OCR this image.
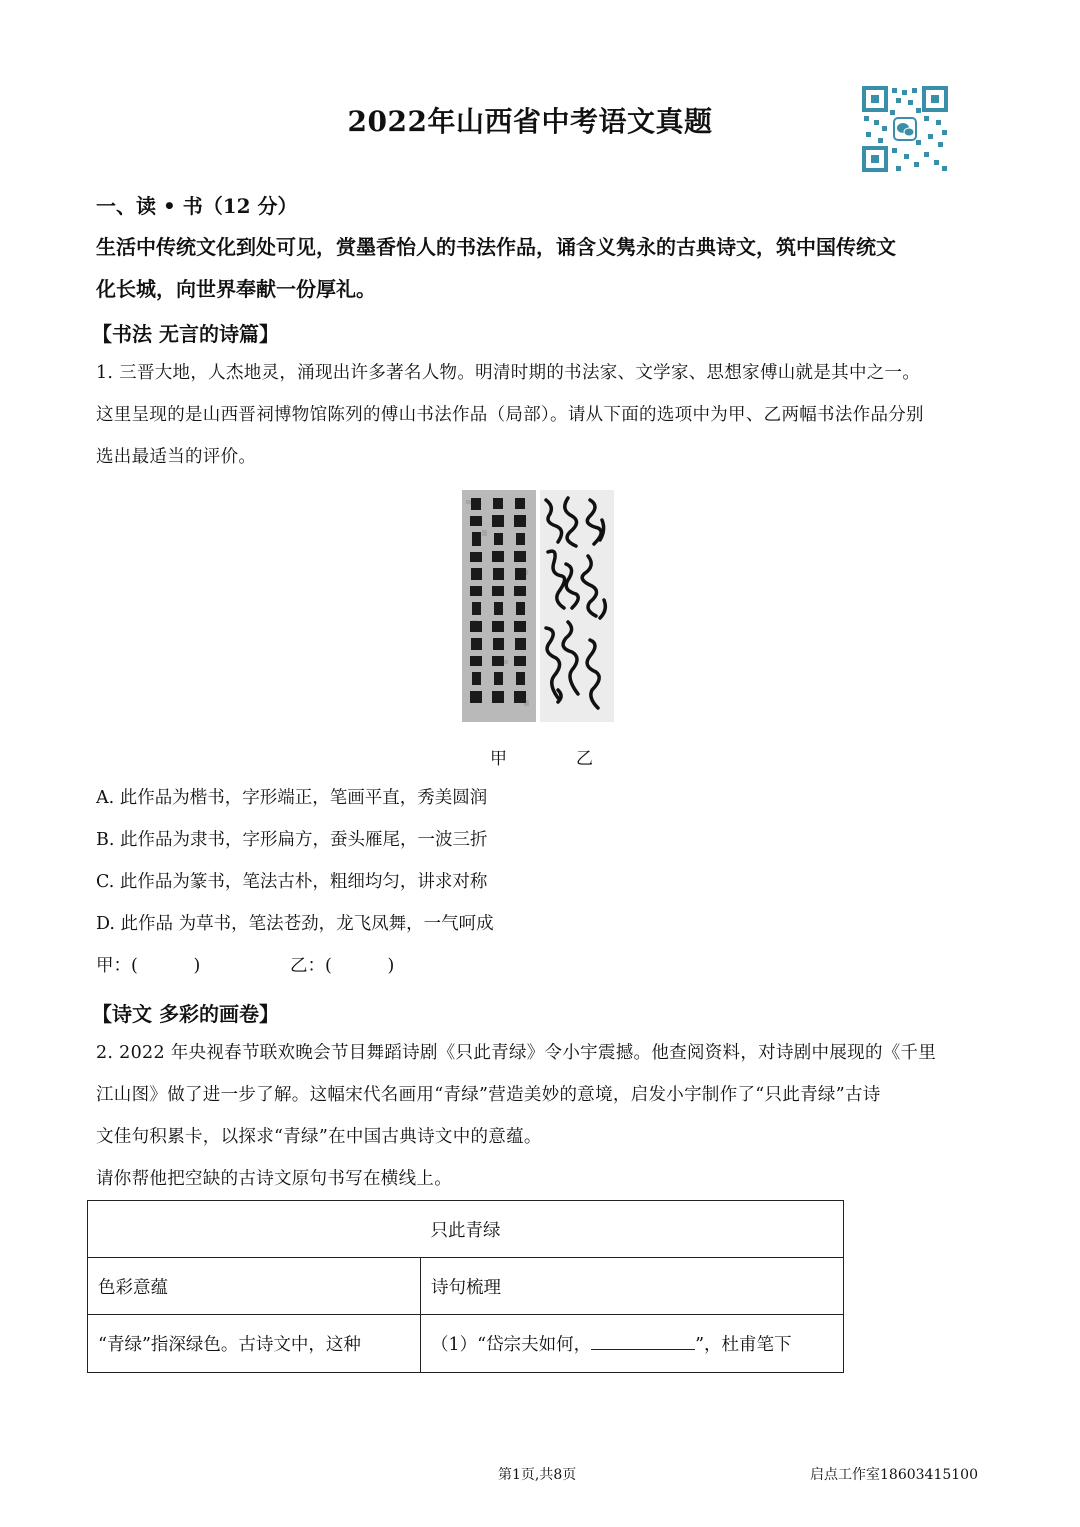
2022年山西省中考语文真题
一、读 • 书（12 分）
生活中传统文化到处可见，赏墨香怡人的书法作品，诵含义隽永的古典诗文，筑中国传统文
化长城，向世界奉献一份厚礼。
【书法 无言的诗篇】
1. 三晋大地，人杰地灵，涌现出许多著名人物。明清时期的书法家、文学家、思想家傅山就是其中之一。
这里呈现的是山西晋祠博物馆陈列的傅山书法作品（局部）。请从下面的选项中为甲、乙两幅书法作品分别
选出最适当的评价。
甲	乙
A. 此作品为楷书，字形端正，笔画平直，秀美圆润
B. 此作品为隶书，字形扁方，蚕头雁尾，一波三折
C. 此作品为篆书，笔法古朴，粗细均匀，讲求对称
D. 此作品 为草书，笔法苍劲，龙飞凤舞，一气呵成
甲：(          )	乙：(          )
【诗文 多彩的画卷】
2. 2022 年央视春节联欢晚会节目舞蹈诗剧《只此青绿》令小宇震撼。他查阅资料，对诗剧中展现的《千里
江山图》做了进一步了解。这幅宋代名画用“青绿”营造美妙的意境，启发小宇制作了“只此青绿”古诗
文佳句积累卡，以探求“青绿”在中国古典诗文中的意蕴。
请你帮他把空缺的古诗文原句书写在横线上。
只此青绿	
色彩意蕴	诗句梳理
“青绿”指深绿色。古诗文中，这种	（1）“岱宗夫如何， ”，杜甫笔下
第1页,共8页	启点工作室18603415100
